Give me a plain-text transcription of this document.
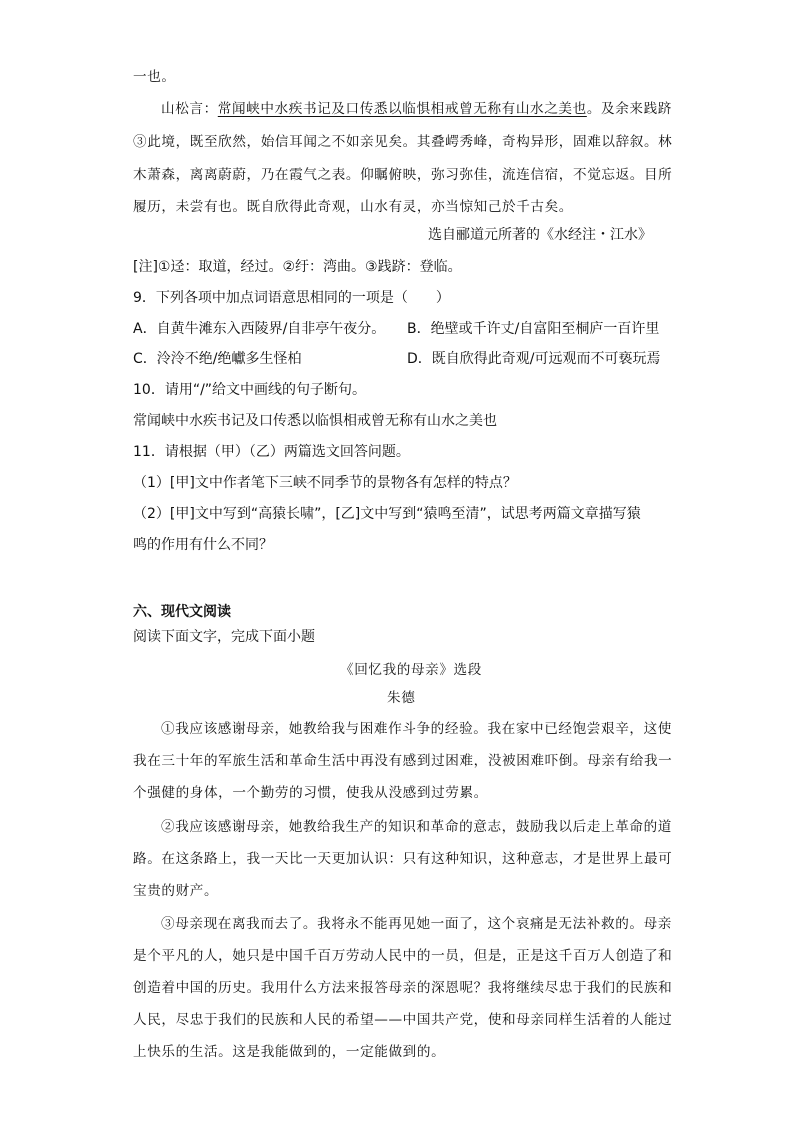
一也。
山松言：常闻峡中水疾书记及口传悉以临惧相戒曾无称有山水之美也。及余来践跻
③此境，既至欣然，始信耳闻之不如亲见矣。其叠崿秀峰，奇构异形，固难以辞叙。林
木萧森，离离蔚蔚，乃在霞气之表。仰瞩俯映，弥习弥佳，流连信宿，不觉忘返。目所
履历，未尝有也。既自欣得此奇观，山水有灵，亦当惊知己於千古矣。
选自郦道元所著的《水经注・江水》
[注]①迳：取道，经过。②纡：湾曲。③践跻：登临。
9．下列各项中加点词语意思相同的一项是（　　）
A．自黄牛滩东入西陵界/自非亭午夜分。 B．绝壁或千许丈/自富阳至桐庐一百许里
C．泠泠不绝/绝巘多生怪柏	D．既自欣得此奇观/可远观而不可亵玩焉
10．请用“/”给文中画线的句子断句。
常闻峡中水疾书记及口传悉以临惧相戒曾无称有山水之美也
11．请根据（甲）（乙）两篇选文回答问题。
（1）[甲]文中作者笔下三峡不同季节的景物各有怎样的特点？
（2）[甲]文中写到“高猿长啸”，[乙]文中写到“猿鸣至清”，试思考两篇文章描写猿
鸣的作用有什么不同？
六、现代文阅读
阅读下面文字，完成下面小题
《回忆我的母亲》选段
朱德
①我应该感谢母亲，她教给我与困难作斗争的经验。我在家中已经饱尝艰辛，这使
我在三十年的军旅生活和革命生活中再没有感到过困难，没被困难吓倒。母亲有给我一
个强健的身体，一个勤劳的习惯，使我从没感到过劳累。
②我应该感谢母亲，她教给我生产的知识和革命的意志，鼓励我以后走上革命的道
路。在这条路上，我一天比一天更加认识：只有这种知识，这种意志，才是世界上最可
宝贵的财产。
③母亲现在离我而去了。我将永不能再见她一面了，这个哀痛是无法补救的。母亲
是个平凡的人，她只是中国千百万劳动人民中的一员，但是，正是这千百万人创造了和
创造着中国的历史。我用什么方法来报答母亲的深恩呢？我将继续尽忠于我们的民族和
人民，尽忠于我们的民族和人民的希望——中国共产党，使和母亲同样生活着的人能过
上快乐的生活。这是我能做到的，一定能做到的。
